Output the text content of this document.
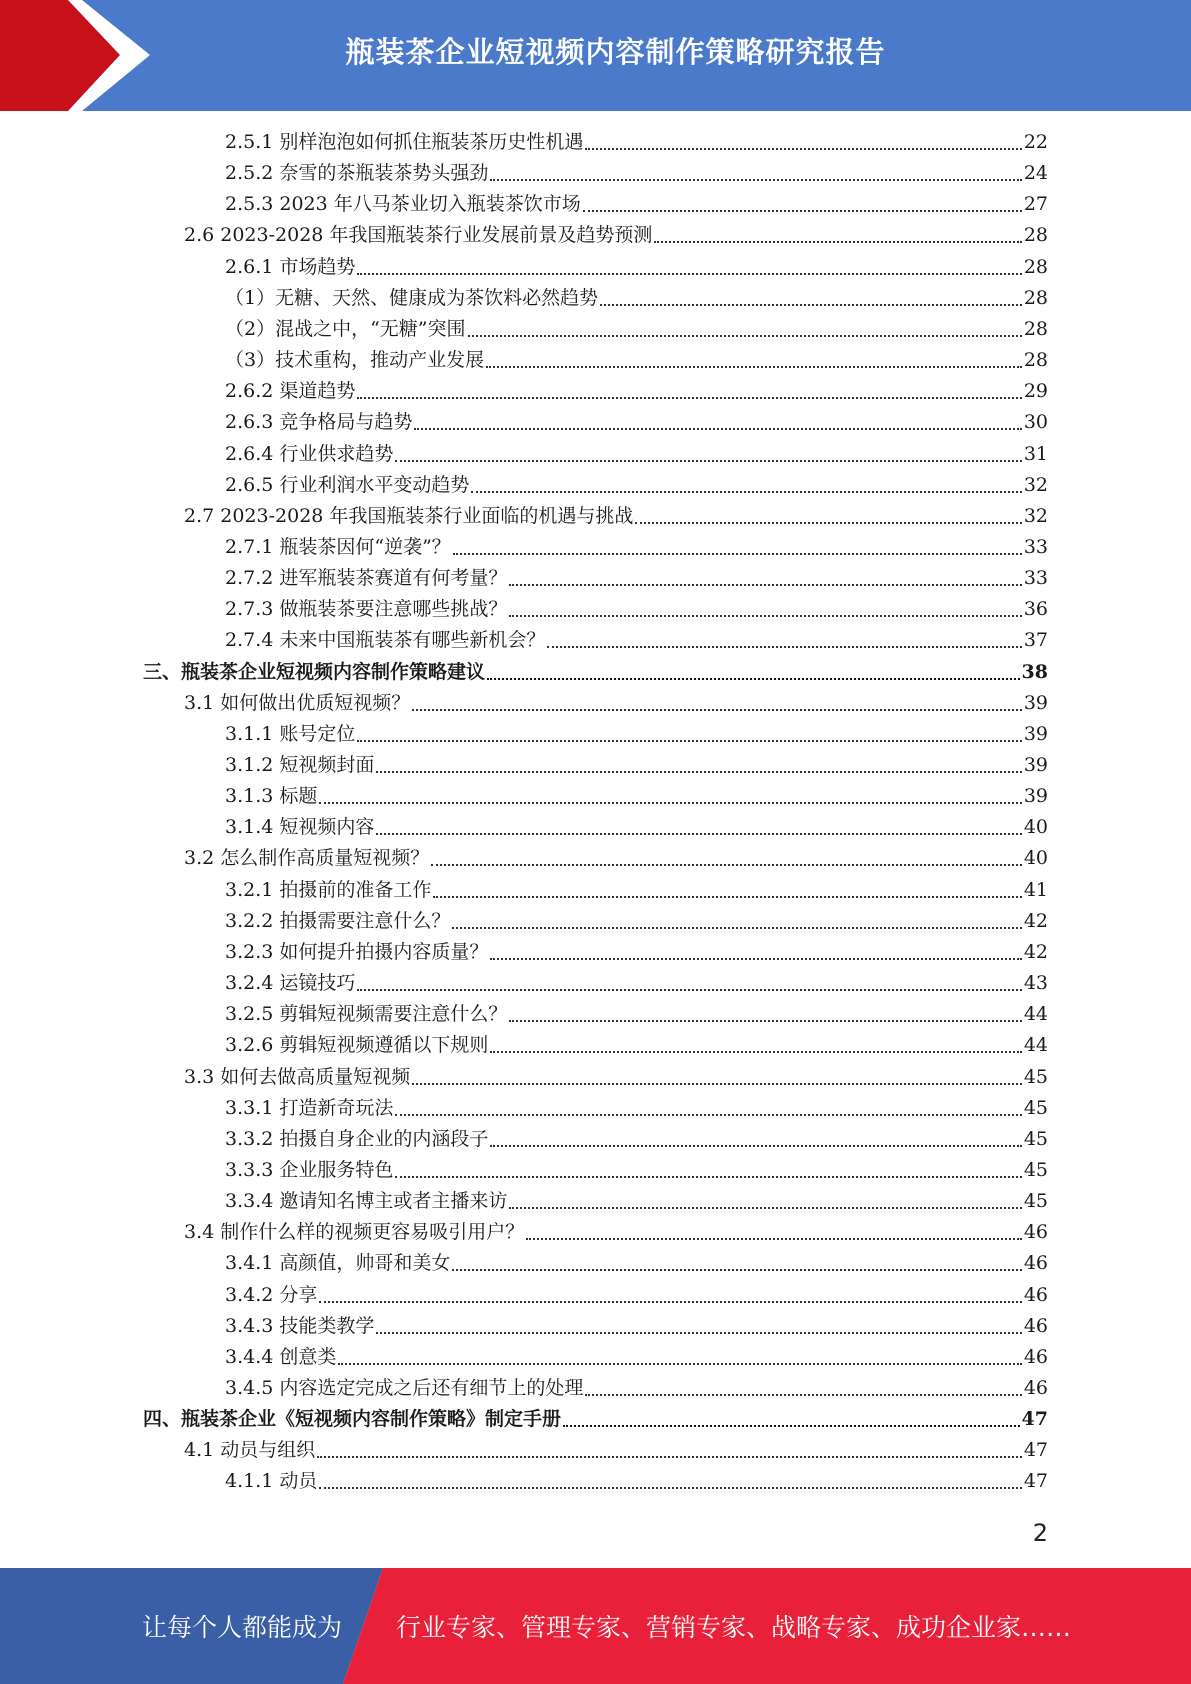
瓶装茶企业短视频内容制作策略研究报告
2.5.1 别样泡泡如何抓住瓶装茶历史性机遇	22
2.5.2 奈雪的茶瓶装茶势头强劲	24
2.5.3 2023 年八马茶业切入瓶装茶饮市场	27
2.6 2023-2028 年我国瓶装茶行业发展前景及趋势预测	28
2.6.1 市场趋势	28
（1）无糖、天然、健康成为茶饮料必然趋势	28
（2）混战之中，“无糖”突围	28
（3）技术重构，推动产业发展	28
2.6.2 渠道趋势	29
2.6.3 竞争格局与趋势	30
2.6.4 行业供求趋势	31
2.6.5 行业利润水平变动趋势	32
2.7 2023-2028 年我国瓶装茶行业面临的机遇与挑战	32
2.7.1 瓶装茶因何“逆袭”？	33
2.7.2 进军瓶装茶赛道有何考量？	33
2.7.3 做瓶装茶要注意哪些挑战？	36
2.7.4 未来中国瓶装茶有哪些新机会？	37
三、瓶装茶企业短视频内容制作策略建议	38
3.1 如何做出优质短视频？	39
3.1.1 账号定位	39
3.1.2 短视频封面	39
3.1.3 标题	39
3.1.4 短视频内容	40
3.2 怎么制作高质量短视频？	40
3.2.1 拍摄前的准备工作	41
3.2.2 拍摄需要注意什么？	42
3.2.3 如何提升拍摄内容质量？	42
3.2.4 运镜技巧	43
3.2.5 剪辑短视频需要注意什么？	44
3.2.6 剪辑短视频遵循以下规则	44
3.3 如何去做高质量短视频	45
3.3.1 打造新奇玩法	45
3.3.2 拍摄自身企业的内涵段子	45
3.3.3 企业服务特色	45
3.3.4 邀请知名博主或者主播来访	45
3.4 制作什么样的视频更容易吸引用户？	46
3.4.1 高颜值，帅哥和美女	46
3.4.2 分享	46
3.4.3 技能类教学	46
3.4.4 创意类	46
3.4.5 内容选定完成之后还有细节上的处理	46
四、瓶装茶企业《短视频内容制作策略》制定手册	47
4.1 动员与组织	47
4.1.1 动员	47
2
让每个人都能成为 行业专家、管理专家、营销专家、战略专家、成功企业家……
